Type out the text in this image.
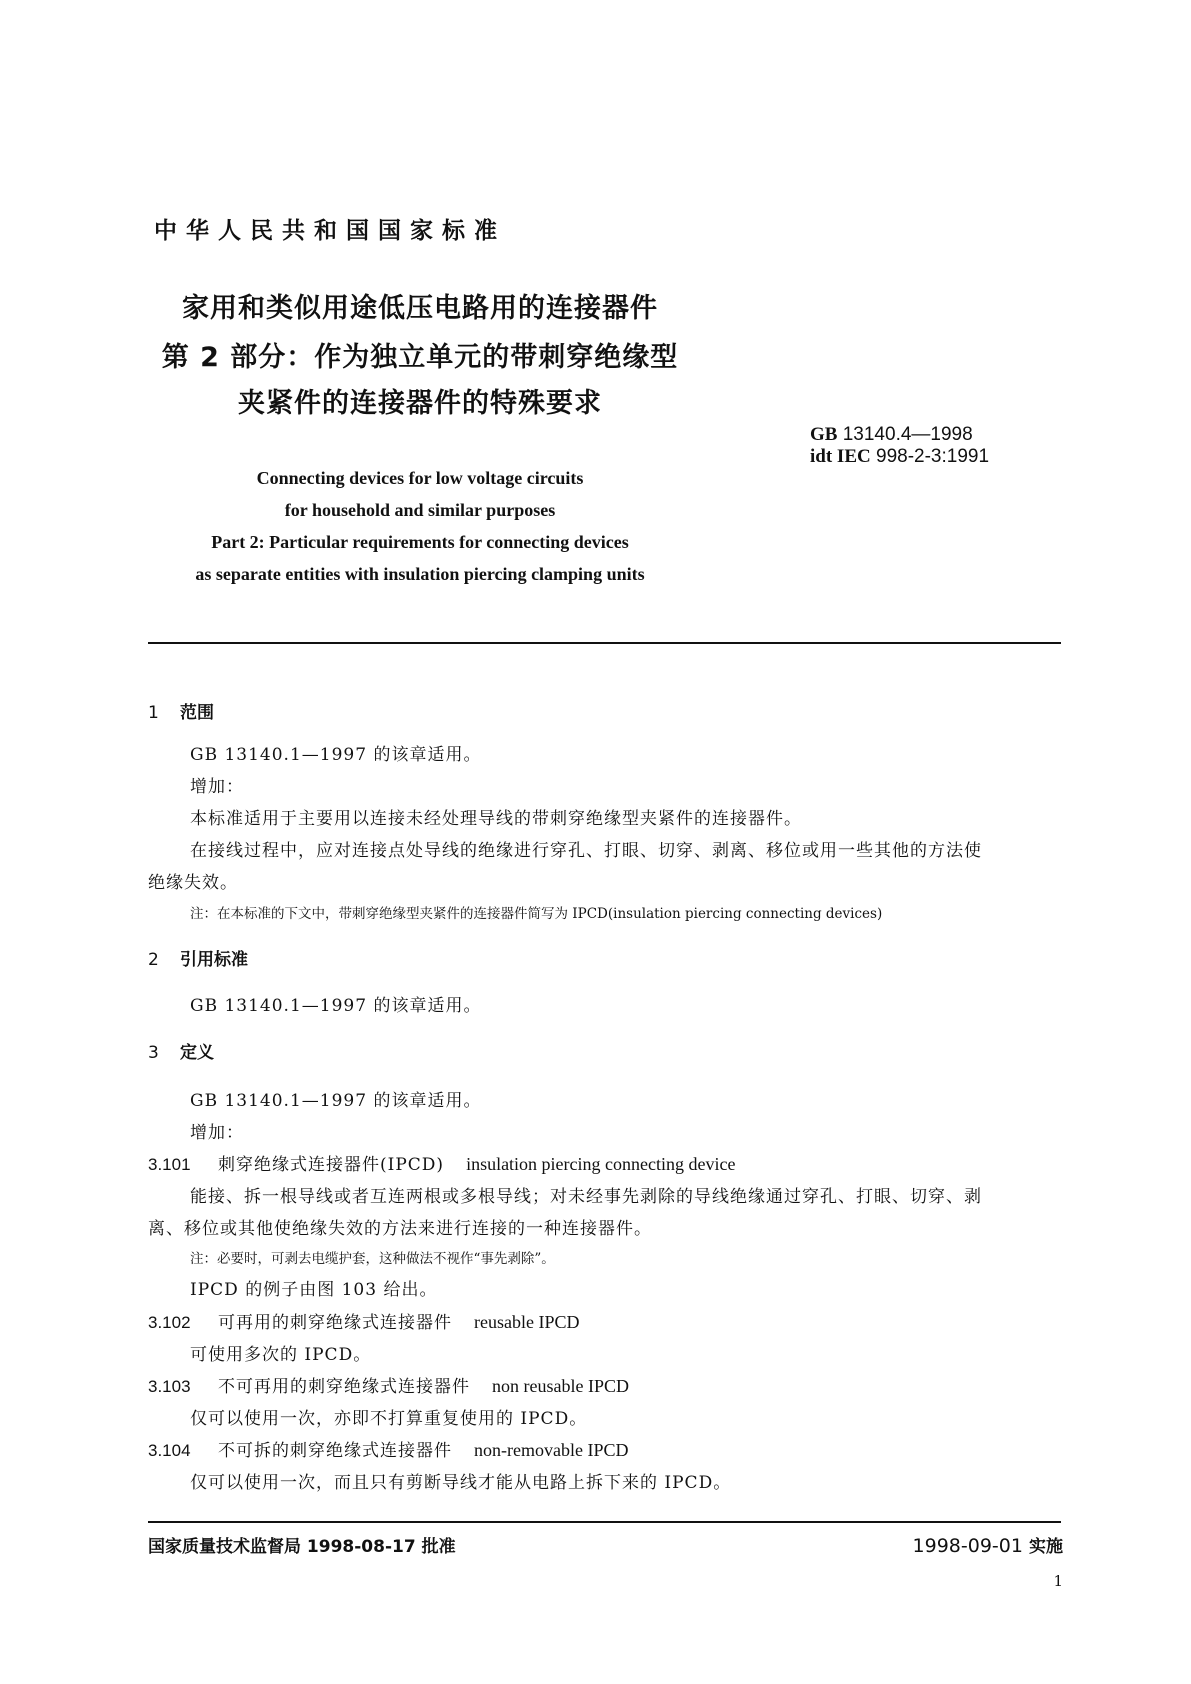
中华人民共和国国家标准
家用和类似用途低压电路用的连接器件
第 2 部分：作为独立单元的带刺穿绝缘型
夹紧件的连接器件的特殊要求
GB 13140.4—1998
idt IEC 998-2-3:1991
Connecting devices for low voltage circuits
for household and similar purposes
Part 2: Particular requirements for connecting devices
as separate entities with insulation piercing clamping units
1 范围
GB 13140.1—1997 的该章适用。
增加：
本标准适用于主要用以连接未经处理导线的带刺穿绝缘型夹紧件的连接器件。
在接线过程中，应对连接点处导线的绝缘进行穿孔、打眼、切穿、剥离、移位或用一些其他的方法使
绝缘失效。
注：在本标准的下文中，带刺穿绝缘型夹紧件的连接器件简写为 IPCD(insulation piercing connecting devices)
2 引用标准
GB 13140.1—1997 的该章适用。
3 定义
GB 13140.1—1997 的该章适用。
增加：
3.101 刺穿绝缘式连接器件(IPCD) insulation piercing connecting device
能接、拆一根导线或者互连两根或多根导线；对未经事先剥除的导线绝缘通过穿孔、打眼、切穿、剥
离、移位或其他使绝缘失效的方法来进行连接的一种连接器件。
注：必要时，可剥去电缆护套，这种做法不视作“事先剥除”。
IPCD 的例子由图 103 给出。
3.102 可再用的刺穿绝缘式连接器件 reusable IPCD
可使用多次的 IPCD。
3.103 不可再用的刺穿绝缘式连接器件 non reusable IPCD
仅可以使用一次，亦即不打算重复使用的 IPCD。
3.104 不可拆的刺穿绝缘式连接器件 non-removable IPCD
仅可以使用一次，而且只有剪断导线才能从电路上拆下来的 IPCD。
国家质量技术监督局 1998-08-17 批准	1998-09-01 实施
1
